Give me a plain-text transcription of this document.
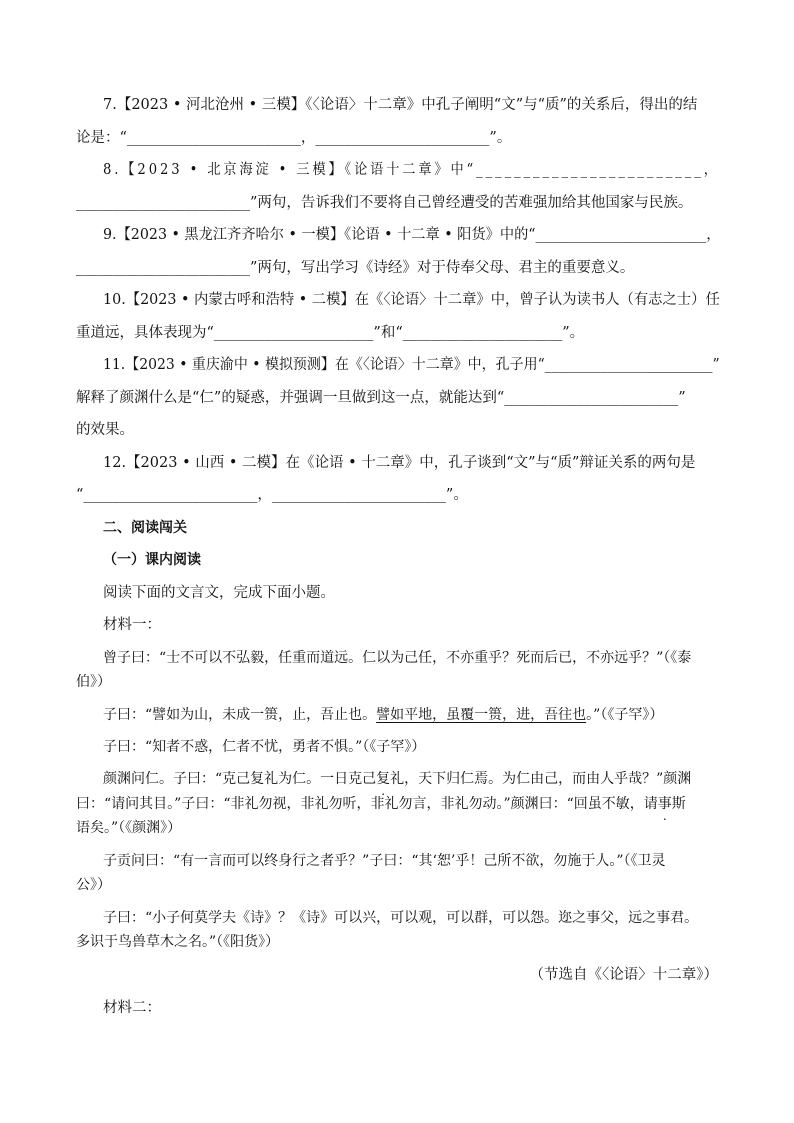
7.【2023 • 河北沧州 • 三模】《〈论语〉十二章》中孔子阐明“文”与“质”的关系后，得出的结
论是：“________________________，________________________”。
8.【2023 • 北京海淀 • 三模】《论语十二章》中“________________________，
________________________”两句，告诉我们不要将自己曾经遭受的苦难强加给其他国家与民族。
9.【2023 • 黑龙江齐齐哈尔 • 一模】《论语 • 十二章 • 阳货》中的“________________________，
________________________”两句，写出学习《诗经》对于侍奉父母、君主的重要意义。
10.【2023 • 内蒙古呼和浩特 • 二模】在《〈论语〉十二章》中，曾子认为读书人（有志之士）任
重道远，具体表现为“______________________”和“______________________”。
11.【2023 • 重庆渝中 • 模拟预测】在《〈论语〉十二章》中，孔子用“________________________”
解释了颜渊什么是“仁”的疑惑，并强调一旦做到这一点，就能达到“________________________”
的效果。
12.【2023 • 山西 • 二模】在《论语 • 十二章》中，孔子谈到“文”与“质”辩证关系的两句是
“________________________，________________________”。
二、阅读闯关
（一）课内阅读
阅读下面的文言文，完成下面小题。
材料一：
曾子曰：“士不可以不弘毅，任重而道远。仁以为己任，不亦重乎？死而后已，不亦远乎？”（《泰
伯》）
子曰：“譬如为山，未成一篑，止，吾止也。譬如平地，虽覆一篑，进，吾往也。”（《子罕》）
子曰：“知者不惑，仁者不忧，勇者不惧。”（《子罕》）
颜渊问仁。子曰：“克己复礼为仁。一日克己复礼，天下归仁焉。为仁由己，而由人乎哉？”颜渊
曰：“请问其目。”子曰：“非礼勿视，非礼勿听，非礼勿言，非礼勿动。”颜渊曰：“回虽不敏，请事斯
语矣。”（《颜渊》）
子贡问曰：“有一言而可以终身行之者乎？”子曰：“其‘恕’乎！己所不欲，勿施于人。”（《卫灵
公》）
子曰：“小子何莫学夫《诗》？《诗》可以兴，可以观，可以群，可以怨。迩之事父，远之事君。
多识于鸟兽草木之名。”（《阳货》）
（节选自《〈论语〉十二章》）
材料二：
